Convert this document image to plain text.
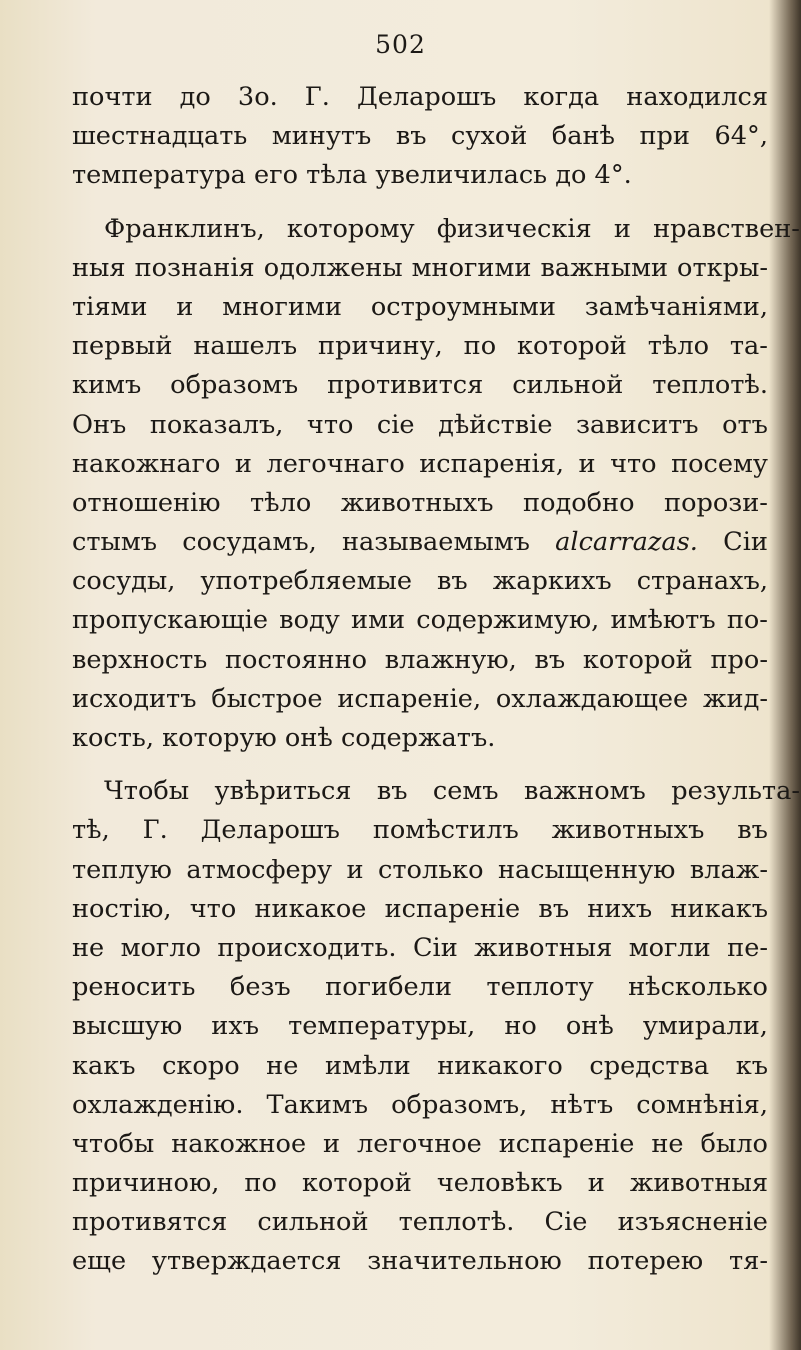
502
почти до 3о. Г. Деларошъ когда находился
шестнадцать минутъ въ сухой банѣ при 64°,
температура его тѣла увеличилась до 4°.
Франклинъ, которому физическія и нравствен-
ныя познанія одолжены многими важными откры-
тіями и многими остроумными замѣчаніями,
первый нашелъ причину, по которой тѣло та-
кимъ образомъ противится сильной теплотѣ.
Онъ показалъ, что сіе дѣйствіе зависитъ отъ
накожнаго и легочнаго испаренія, и что посему
отношенію тѣло животныхъ подобно порози-
стымъ сосудамъ, называемымъ alcarrazas. Сіи
сосуды, употребляемые въ жаркихъ странахъ,
пропускающіе воду ими содержимую, имѣютъ по-
верхность постоянно влажную, въ которой про-
исходитъ быстрое испареніе, охлаждающее жид-
кость, которую онѣ содержатъ.
Чтобы увѣриться въ семъ важномъ результа-
тѣ, Г. Деларошъ помѣстилъ животныхъ въ
теплую атмосферу и столько насыщенную влаж-
ностію, что никакое испареніе въ нихъ никакъ
не могло происходить. Сіи животныя могли пе-
реносить безъ погибели теплоту нѣсколько
высшую ихъ температуры, но онѣ умирали,
какъ скоро не имѣли никакого средства къ
охлажденію. Такимъ образомъ, нѣтъ сомнѣнія,
чтобы накожное и легочное испареніе не было
причиною, по которой человѣкъ и животныя
противятся сильной теплотѣ. Сіе изъясненіе
еще утверждается значительною потерею тя-
